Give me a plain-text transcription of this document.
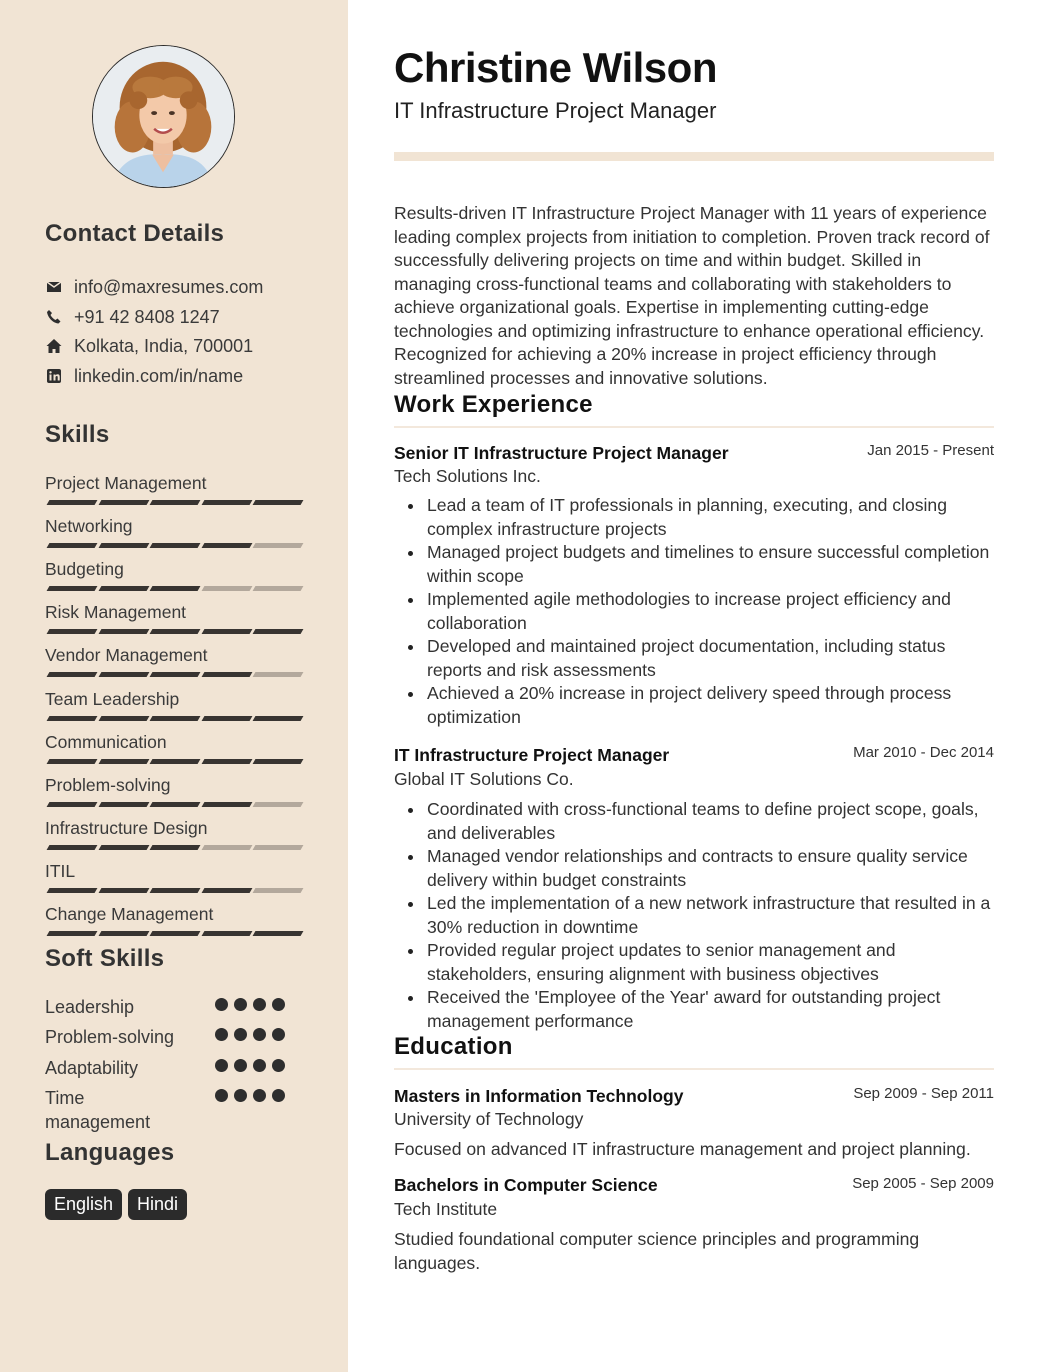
Contact Details
info@maxresumes.com
+91 42 8408 1247
Kolkata, India, 700001
linkedin.com/in/name
Skills
Project Management
Networking
Budgeting
Risk Management
Vendor Management
Team Leadership
Communication
Problem-solving
Infrastructure Design
ITIL
Change Management
Soft Skills
Leadership
Problem-solving
Adaptability
Time management
Languages
English	Hindi
Christine Wilson
IT Infrastructure Project Manager

Results-driven IT Infrastructure Project Manager with 11 years of experience leading complex projects from initiation to completion. Proven track record of successfully delivering projects on time and within budget. Skilled in managing cross-functional teams and collaborating with stakeholders to achieve organizational goals. Expertise in implementing cutting-edge technologies and optimizing infrastructure to enhance operational efficiency. Recognized for achieving a 20% increase in project efficiency through streamlined processes and innovative solutions.

Work Experience
Senior IT Infrastructure Project Manager	Jan 2015 - Present
Tech Solutions Inc.
Lead a team of IT professionals in planning, executing, and closing complex infrastructure projects
Managed project budgets and timelines to ensure successful completion within scope
Implemented agile methodologies to increase project efficiency and collaboration
Developed and maintained project documentation, including status reports and risk assessments
Achieved a 20% increase in project delivery speed through process optimization
IT Infrastructure Project Manager	Mar 2010 - Dec 2014
Global IT Solutions Co.
Coordinated with cross-functional teams to define project scope, goals, and deliverables
Managed vendor relationships and contracts to ensure quality service delivery within budget constraints
Led the implementation of a new network infrastructure that resulted in a 30% reduction in downtime
Provided regular project updates to senior management and stakeholders, ensuring alignment with business objectives
Received the 'Employee of the Year' award for outstanding project management performance
Education
Masters in Information Technology	Sep 2009 - Sep 2011
University of Technology

Focused on advanced IT infrastructure management and project planning.

Bachelors in Computer Science	Sep 2005 - Sep 2009
Tech Institute

Studied foundational computer science principles and programming languages.
